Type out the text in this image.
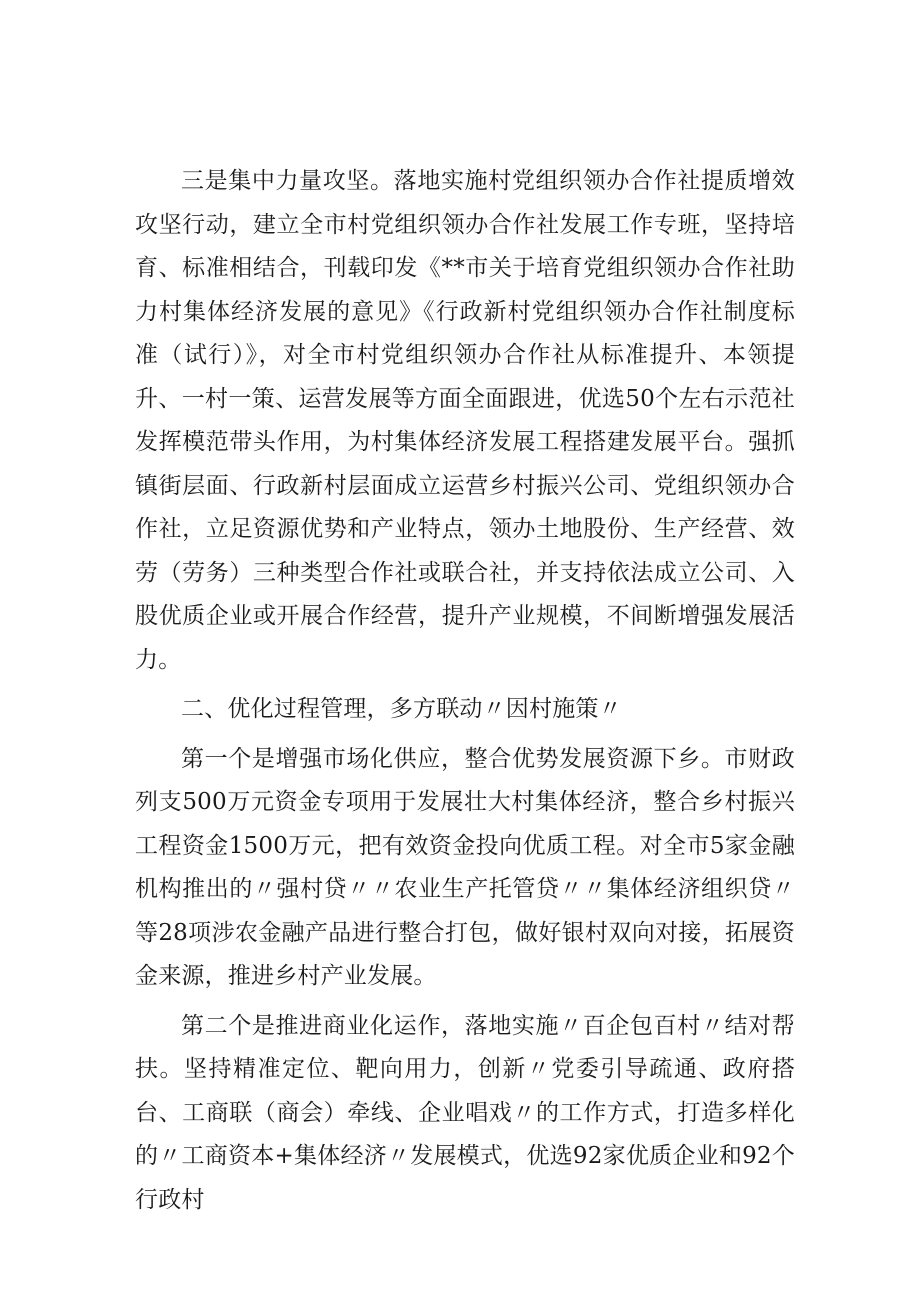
三是集中力量攻坚。落地实施村党组织领办合作社提质增效攻坚行动，建立全市村党组织领办合作社发展工作专班，坚持培育、标准相结合，刊载印发《**市关于培育党组织领办合作社助力村集体经济发展的意见》《行政新村党组织领办合作社制度标准（试行）》，对全市村党组织领办合作社从标准提升、本领提升、一村一策、运营发展等方面全面跟进，优选50个左右示范社发挥模范带头作用，为村集体经济发展工程搭建发展平台。强抓镇街层面、行政新村层面成立运营乡村振兴公司、党组织领办合作社，立足资源优势和产业特点，领办土地股份、生产经营、效劳（劳务）三种类型合作社或联合社，并支持依法成立公司、入股优质企业或开展合作经营，提升产业规模，不间断增强发展活力。

二、优化过程管理，多方联动〃因村施策〃

第一个是增强市场化供应，整合优势发展资源下乡。市财政列支500万元资金专项用于发展壮大村集体经济，整合乡村振兴工程资金1500万元，把有效资金投向优质工程。对全市5家金融机构推出的〃强村贷〃〃农业生产托管贷〃〃集体经济组织贷〃等28项涉农金融产品进行整合打包，做好银村双向对接，拓展资金来源，推进乡村产业发展。

第二个是推进商业化运作，落地实施〃百企包百村〃结对帮扶。坚持精准定位、靶向用力，创新〃党委引导疏通、政府搭台、工商联（商会）牵线、企业唱戏〃的工作方式，打造多样化的〃工商资本+集体经济〃发展模式，优选92家优质企业和92个行政村
